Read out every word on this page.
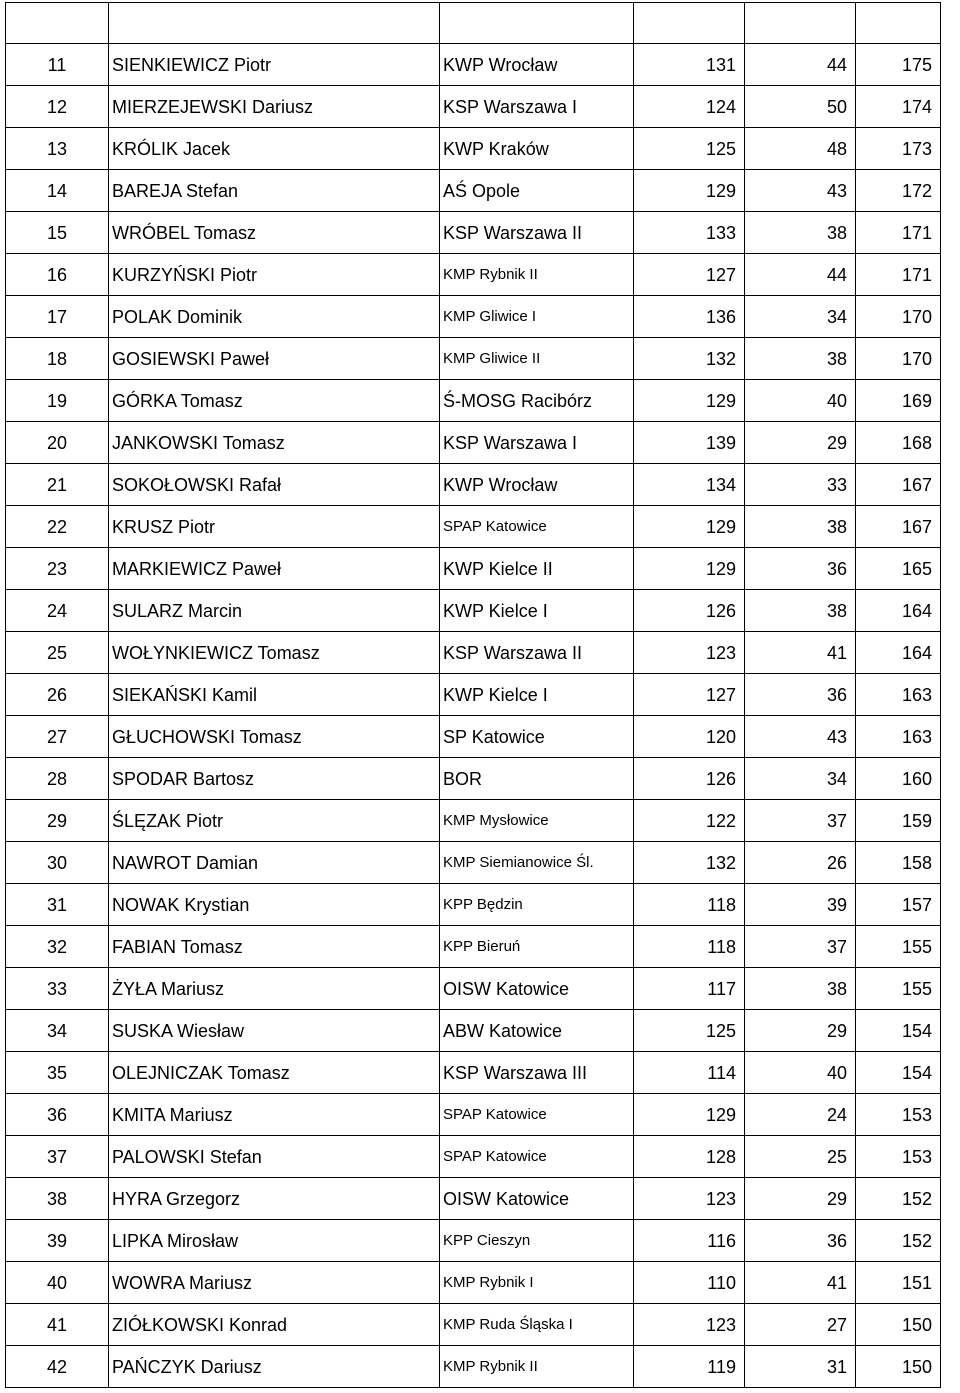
11	SIENKIEWICZ Piotr	KWP Wrocław	131	44	175
12	MIERZEJEWSKI Dariusz	KSP Warszawa I	124	50	174
13	KRÓLIK Jacek	KWP Kraków	125	48	173
14	BAREJA Stefan	AŚ Opole	129	43	172
15	WRÓBEL Tomasz	KSP Warszawa II	133	38	171
16	KURZYŃSKI Piotr	KMP Rybnik II	127	44	171
17	POLAK Dominik	KMP Gliwice I	136	34	170
18	GOSIEWSKI Paweł	KMP Gliwice II	132	38	170
19	GÓRKA Tomasz	Ś-MOSG Racibórz	129	40	169
20	JANKOWSKI Tomasz	KSP Warszawa I	139	29	168
21	SOKOŁOWSKI Rafał	KWP Wrocław	134	33	167
22	KRUSZ Piotr	SPAP Katowice	129	38	167
23	MARKIEWICZ Paweł	KWP Kielce II	129	36	165
24	SULARZ Marcin	KWP Kielce I	126	38	164
25	WOŁYNKIEWICZ Tomasz	KSP Warszawa II	123	41	164
26	SIEKAŃSKI Kamil	KWP Kielce I	127	36	163
27	GŁUCHOWSKI Tomasz	SP Katowice	120	43	163
28	SPODAR Bartosz	BOR	126	34	160
29	ŚLĘZAK Piotr	KMP Mysłowice	122	37	159
30	NAWROT Damian	KMP Siemianowice Śl.	132	26	158
31	NOWAK Krystian	KPP Będzin	118	39	157
32	FABIAN Tomasz	KPP Bieruń	118	37	155
33	ŻYŁA Mariusz	OISW Katowice	117	38	155
34	SUSKA Wiesław	ABW Katowice	125	29	154
35	OLEJNICZAK Tomasz	KSP Warszawa III	114	40	154
36	KMITA Mariusz	SPAP Katowice	129	24	153
37	PALOWSKI Stefan	SPAP Katowice	128	25	153
38	HYRA Grzegorz	OISW Katowice	123	29	152
39	LIPKA Mirosław	KPP Cieszyn	116	36	152
40	WOWRA Mariusz	KMP Rybnik I	110	41	151
41	ZIÓŁKOWSKI Konrad	KMP Ruda Śląska I	123	27	150
42	PAŃCZYK Dariusz	KMP Rybnik II	119	31	150
